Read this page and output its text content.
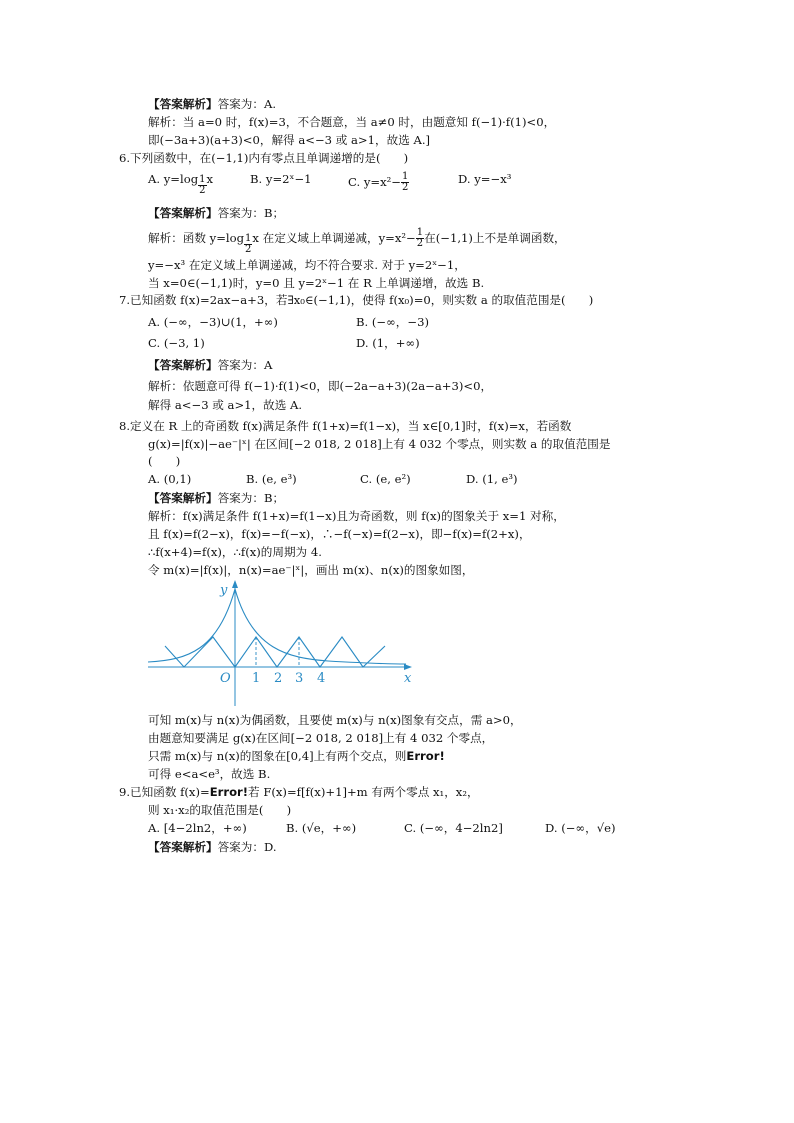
【答案解析】答案为：A.
解析：当 a=0 时，f(x)=3，不合题意，当 a≠0 时，由题意知 f(−1)·f(1)<0，
即(−3a+3)(a+3)<0，解得 a<−3 或 a>1，故选 A.]
6.下列函数中，在(−1,1)内有零点且单调递增的是(　　)
A. $y=\log \frac{1}{2}$ x	B. y=2ˣ−1	C. $y=x^2- \frac{1}{2}$	D. y=−x³
【答案解析】答案为：B；
解析：函数 $y=\log \frac{1}{2}$ x 在定义域上单调递减，$y=x^2- \frac{1}{2}$ 在(−1,1)上不是单调函数，
y=−x³ 在定义域上单调递减，均不符合要求. 对于 y=2ˣ−1，
当 x=0∈(−1,1)时，y=0 且 y=2ˣ−1 在 R 上单调递增，故选 B.
7.已知函数 f(x)=2ax−a+3，若∃x₀∈(−1,1)，使得 f(x₀)=0，则实数 a 的取值范围是(　　)
A. (−∞，−3)∪(1，+∞)	B. (−∞，−3)
C. (−3, 1)	D. (1，+∞)
【答案解析】答案为：A
解析：依题意可得 f(−1)·f(1)<0，即(−2a−a+3)(2a−a+3)<0，
解得 a<−3 或 a>1，故选 A.
8.定义在 R 上的奇函数 f(x)满足条件 f(1+x)=f(1−x)，当 x∈[0,1]时，f(x)=x，若函数
g(x)=|f(x)|−ae⁻|ˣ| 在区间[−2 018, 2 018]上有 4 032 个零点，则实数 a 的取值范围是
(　　)
A. (0,1)	B. (e, e³)	C. (e, e²)	D. (1, e³)
【答案解析】答案为：B；
解析：f(x)满足条件 f(1+x)=f(1−x)且为奇函数，则 f(x)的图象关于 x=1 对称，
且 f(x)=f(2−x)，f(x)=−f(−x)，∴−f(−x)=f(2−x)，即−f(x)=f(2+x)，
∴f(x+4)=f(x)，∴f(x)的周期为 4.
令 m(x)=|f(x)|，n(x)=ae⁻|ˣ|，画出 m(x)、n(x)的图象如图，
y
x
O 1 2 3 4
可知 m(x)与 n(x)为偶函数，且要使 m(x)与 n(x)图象有交点，需 a>0，
由题意知要满足 g(x)在区间[−2 018, 2 018]上有 4 032 个零点，
只需 m(x)与 n(x)的图象在[0,4]上有两个交点，则Error!
可得 e<a<e³，故选 B.
9.已知函数 f(x)=Error!若 F(x)=f[f(x)+1]+m 有两个零点 x₁，x₂，
则 x₁·x₂的取值范围是(　　)
A. [4−2ln2，+∞)	B. (√e，+∞)	C. (−∞，4−2ln2]	D. (−∞，√e)
【答案解析】答案为：D.
